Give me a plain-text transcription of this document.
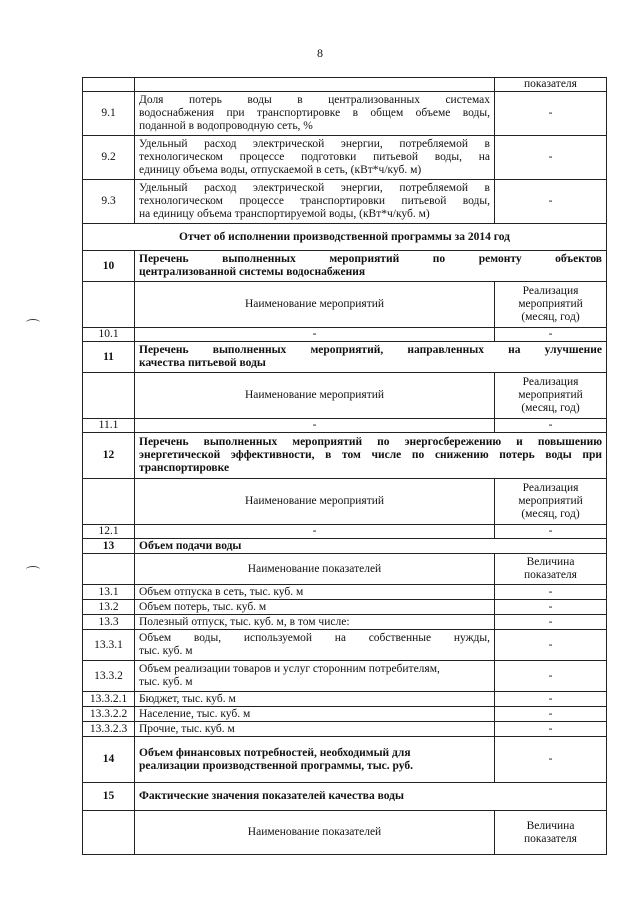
8
		показателя
9.1	Доля потерь воды в централизованных системах
водоснабжения при транспортировке в общем объеме воды,
поданной в водопроводную сеть, %	-
9.2	Удельный расход электрической энергии, потребляемой в
технологическом процессе подготовки питьевой воды, на
единицу объема воды, отпускаемой в сеть, (кВт*ч/куб. м)	-
9.3	Удельный расход электрической энергии, потребляемой в
технологическом процессе транспортировки питьевой воды,
на единицу объема транспортируемой воды, (кВт*ч/куб. м)	-
Отчет об исполнении производственной программы за 2014 год		
10	Перечень выполненных мероприятий по ремонту объектов
централизованной системы водоснабжения	

	Наименование мероприятий	Реализация
мероприятий
(месяц, год)

10.1	-	-
11	Перечень выполненных мероприятий, направленных на улучшение
качества питьевой воды	

	Наименование мероприятий	Реализация
мероприятий
(месяц, год)

11.1	-	-
12	Перечень выполненных мероприятий по энергосбережению и повышению
энергетической эффективности, в том числе по снижению потерь воды при
транспортировке	

	Наименование мероприятий	Реализация
мероприятий
(месяц, год)

12.1	-	-
13	Объем подачи воды	
	Наименование показателей	Величина
показателя

13.1	Объем отпуска в сеть, тыс. куб. м	-
13.2	Объем потерь, тыс. куб. м	-
13.3	Полезный отпуск, тыс. куб. м, в том числе:	-
13.3.1	Объем воды, используемой на собственные нужды,
тыс. куб. м	-
13.3.2	Объем реализации товаров и услуг сторонним потребителям,
тыс. куб. м	-
13.3.2.1	Бюджет, тыс. куб. м	-
13.3.2.2	Население, тыс. куб. м	-
13.3.2.3	Прочие, тыс. куб. м	-
14	Объем финансовых потребностей, необходимый для
реализации производственной программы, тыс. руб.	-
15	Фактические значения показателей качества воды	
	Наименование показателей	Величина
показателя
